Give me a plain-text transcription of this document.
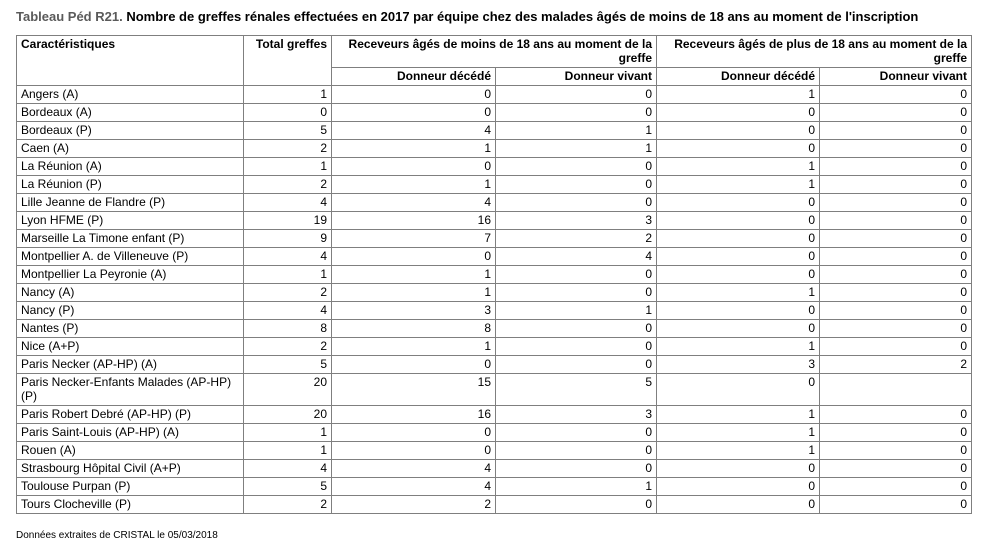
Tableau Péd R21. Nombre de greffes rénales effectuées en 2017 par équipe chez des malades âgés de moins de 18 ans au moment de l'inscription
Caractéristiques	Total greffes	Receveurs âgés de moins de 18 ans au moment de la greffe		Receveurs âgés de plus de 18 ans au moment de la greffe	
		Donneur décédé	Donneur vivant	Donneur décédé	Donneur vivant
Angers (A)	1	0	0	1	0
Bordeaux (A)	0	0	0	0	0
Bordeaux (P)	5	4	1	0	0
Caen (A)	2	1	1	0	0
La Réunion (A)	1	0	0	1	0
La Réunion (P)	2	1	0	1	0
Lille Jeanne de Flandre (P)	4	4	0	0	0
Lyon HFME (P)	19	16	3	0	0
Marseille La Timone enfant (P)	9	7	2	0	0
Montpellier A. de Villeneuve (P)	4	0	4	0	0
Montpellier La Peyronie (A)	1	1	0	0	0
Nancy (A)	2	1	0	1	0
Nancy (P)	4	3	1	0	0
Nantes (P)	8	8	0	0	0
Nice (A+P)	2	1	0	1	0
Paris Necker (AP-HP) (A)	5	0	0	3	2
Paris Necker-Enfants Malades (AP-HP) (P)	20	15	5	0	
Paris Robert Debré (AP-HP) (P)	20	16	3	1	0
Paris Saint-Louis (AP-HP) (A)	1	0	0	1	0
Rouen (A)	1	0	0	1	0
Strasbourg Hôpital Civil (A+P)	4	4	0	0	0
Toulouse Purpan (P)	5	4	1	0	0
Tours Clocheville (P)	2	2	0	0	0
Données extraites de CRISTAL le 05/03/2018
